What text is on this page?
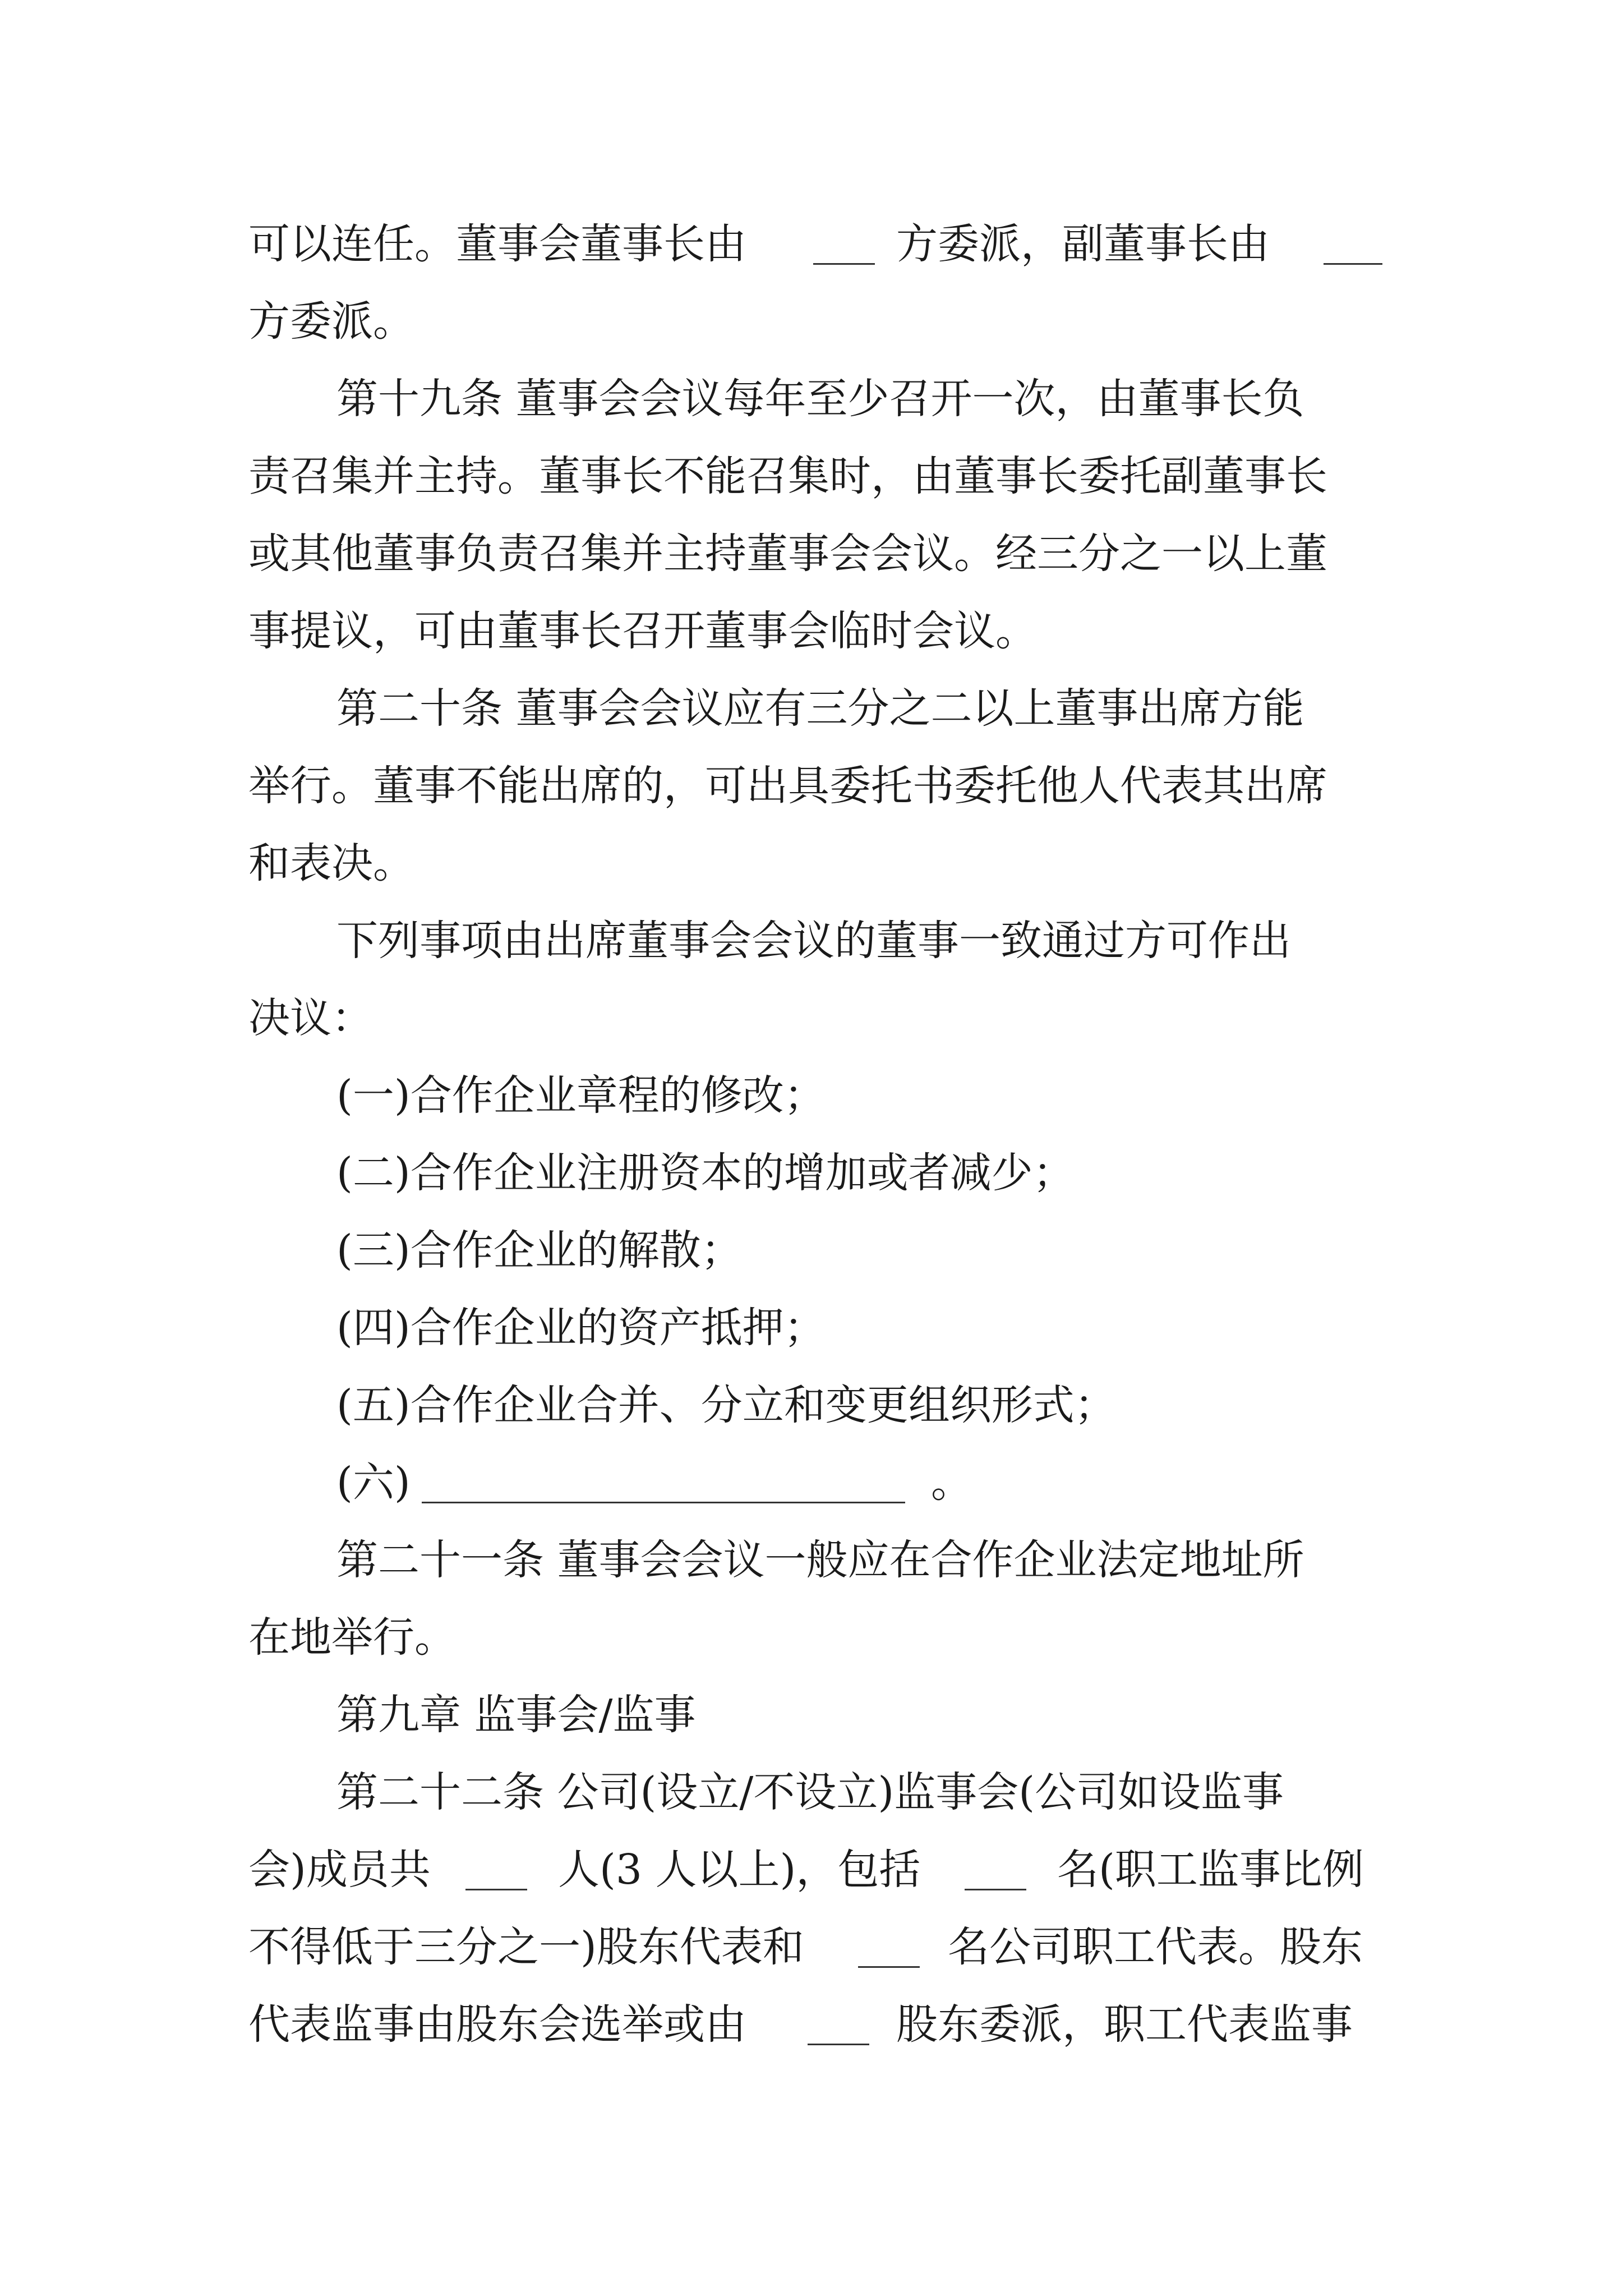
可以连任。董事会董事长由	方委派，副董事长由
方委派。
第十九条 董事会会议每年至少召开一次，由董事长负
责召集并主持。董事长不能召集时，由董事长委托副董事长
或其他董事负责召集并主持董事会会议。经三分之一以上董
事提议，可由董事长召开董事会临时会议。
第二十条 董事会会议应有三分之二以上董事出席方能
举行。董事不能出席的，可出具委托书委托他人代表其出席
和表决。
下列事项由出席董事会会议的董事一致通过方可作出
决议：
(一)合作企业章程的修改；
(二)合作企业注册资本的增加或者减少；
(三)合作企业的解散；
(四)合作企业的资产抵押；
(五)合作企业合并、分立和变更组织形式；
(六)	。
第二十一条 董事会会议一般应在合作企业法定地址所
在地举行。
第九章 监事会/监事
第二十二条 公司(设立/不设立)监事会(公司如设监事
会)成员共	人(3 人以上)，包括	名(职工监事比例
不得低于三分之一)股东代表和	名公司职工代表。股东
代表监事由股东会选举或由	股东委派，职工代表监事
